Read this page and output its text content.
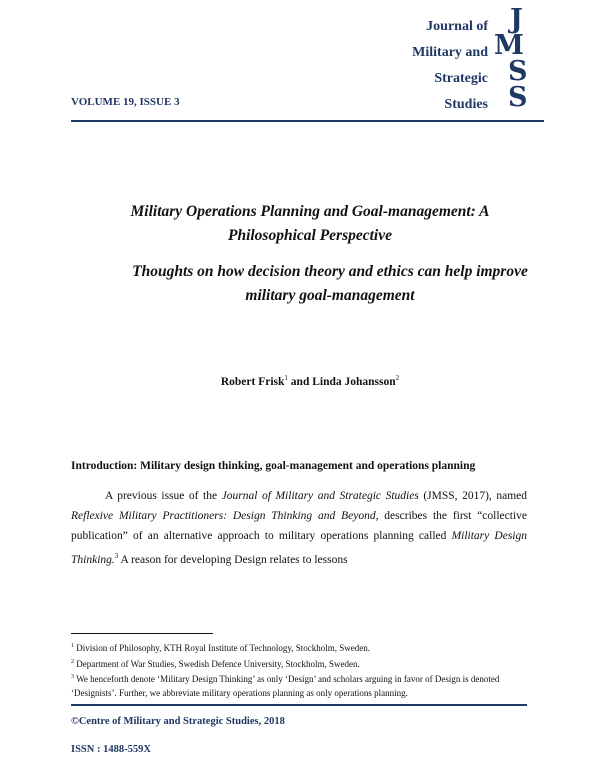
Journal of
Military and
Strategic
Studies
J
M
S
S
VOLUME 19, ISSUE 3
Military Operations Planning and Goal-management: A Philosophical Perspective
Thoughts on how decision theory and ethics can help improve military goal-management
Robert Frisk$^1$ and Linda Johansson$^2$
Introduction: Military design thinking, goal-management and operations planning
A previous issue of the Journal of Military and Strategic Studies (JMSS, 2017), named Reflexive Military Practitioners: Design Thinking and Beyond, describes the first “collective publication” of an alternative approach to military operations planning called Military Design Thinking.$^3$ A reason for developing Design relates to lessons
$^1$ Division of Philosophy, KTH Royal Institute of Technology, Stockholm, Sweden.
$^2$ Department of War Studies, Swedish Defence University, Stockholm, Sweden.
$^3$ We henceforth denote ‘Military Design Thinking’ as only ‘Design’ and scholars arguing in favor of Design is denoted ‘Designists’. Further, we abbreviate military operations planning as only operations planning.
©Centre of Military and Strategic Studies, 2018
ISSN : 1488-559X
